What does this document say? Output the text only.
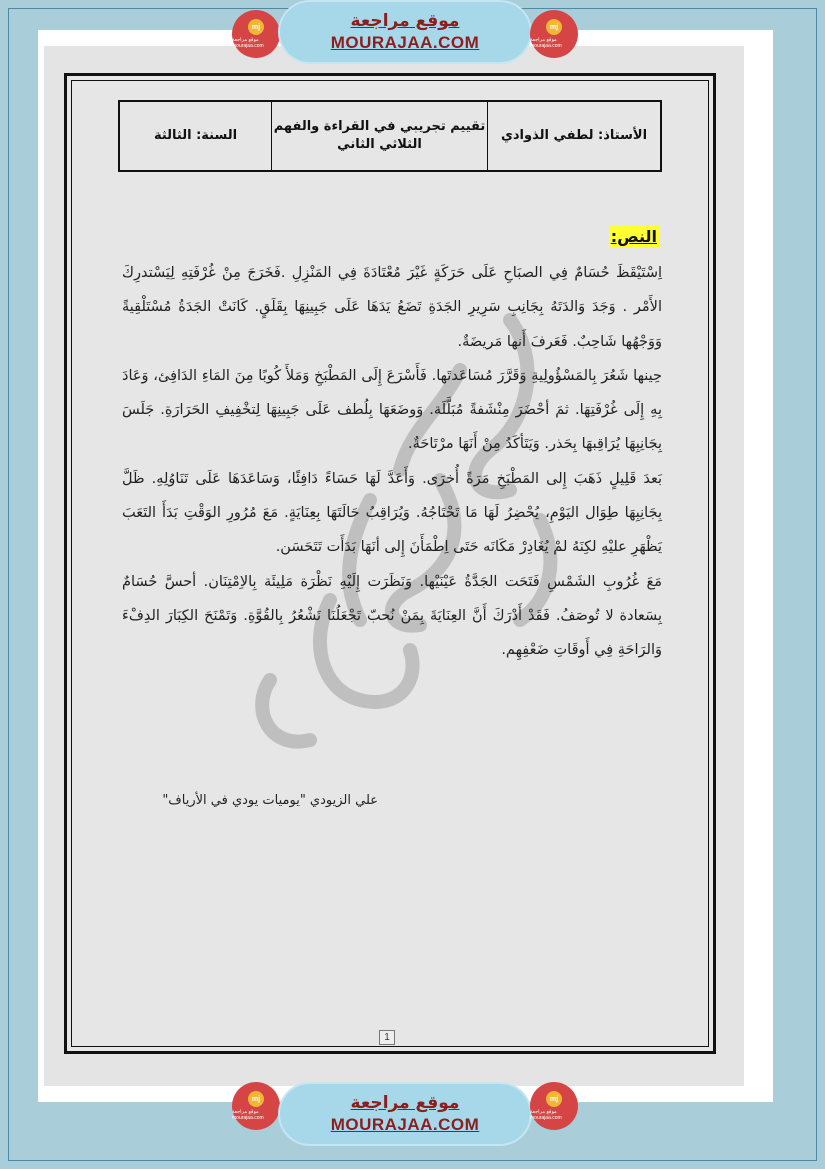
mj
موقع مراجعة mourajaa.com
موقع مراجعة
MOURAJAA.COM
mj
موقع مراجعة mourajaa.com
الأستاذ: لطفي الذوادي
تقييم تجريبي في القراءة والفهم الثلاثي الثاني
السنة: الثالثة
النص:

اِسْتَيْقَظَ حُسَامٌ فِي الصبَاحِ عَلَى حَرَكَةٍ غَيْرَ مُعْتَادَةَ فِي المَنْزِلِ .فَخَرَجَ مِنْ غُرْفَتِهِ لِيَسْتدرِكَ الأَمْر . وَجَدَ وَالدَتَهُ بِجَانِبِ سَرِيرِ الجَدَةِ تَضَعُ يَدَهَا عَلَى جَبِينِهَا بِقَلَقٍ. كَانَتْ الجَدَةُ مُسْتَلْقِيةً وَوَجْهُها شَاحِبٌ. فَعَرفَ أَنها مَريضَةٌ.

حِينها شَعُرَ بِالمَسْؤُولِيةِ وَقَرَّرَ مُسَاعَدتَها. فَأَسْرَعَ إِلَى المَطْبَخِ وَمَلأَ كُوبًا مِنَ المَاءِ الدَافِئ، وَعَادَ بِهِ إِلَى غُرْفَتِهَا. ثمَ أحْضَرَ مِنْشَفةً مُبَلَّلَة. وَوضَعَهَا بِلُطف عَلَى جَبِينِهَا لِتخْفِيفِ الحَرَارَةِ. جَلَسَ بِجَانِبِهَا يُرَاقِبهَا بِحَذر. وَيَتَأكَدُ مِنْ أَنَهَا مرْتَاحَةٌ.

بَعدَ قَلِيلٍ ذَهَبَ إِلى المَطْبَخِ مَرَةً أُخرَى. وَأَعَدَّ لَهَا حَسَاءً دَافِئًا، وَسَاعَدَهَا عَلَى تَنَاوُلِهِ. ظَلَّ بِجَانِبِهَا طِوَال اليَوْمِ، يُحْضِرُ لَهَا مَا تَحْتَاجُهُ. وَيُرَاقِبُ حَالَتَهَا بِعِنَايَةٍ. مَعَ مُرُورِ الوَقْتِ بَدَأَ التَعَبَ يَظْهَرِ عليْهِ لكِنَهُ لمْ يُغَادِرْ مَكَانَه حَتَى اِطْمَأَنَ إِلى أنَهَا بَدَأَت تَتَحَسَن.

مَعَ غُرُوبِ الشَمْسِ فَتَحَت الجَدَّةُ عَيْنَيْها. وَنَظَرَت إِلَيْهِ نَظْرَة مَلِيئَة بِالاِمْتِنَان. أحسَّ حُسَامٌ بِسَعادة لا تُوصَفُ. فَقَدْ أَدْرَكَ أَنَّ العِنَايَةَ بِمَنْ نُحبّ تَجْعَلُنَا نَشْعُرُ بِالقُوَّةِ. وَتَمْنَحَ الكِبَارَ الدِفْءَ وَالرَاحَةِ فِي أَوقَاتِ ضَعْفِهِم.

علي الزيودي "يوميات يودي في الأرياف"
1
mj
موقع مراجعة mourajaa.com
موقع مراجعة
MOURAJAA.COM
mj
موقع مراجعة mourajaa.com
